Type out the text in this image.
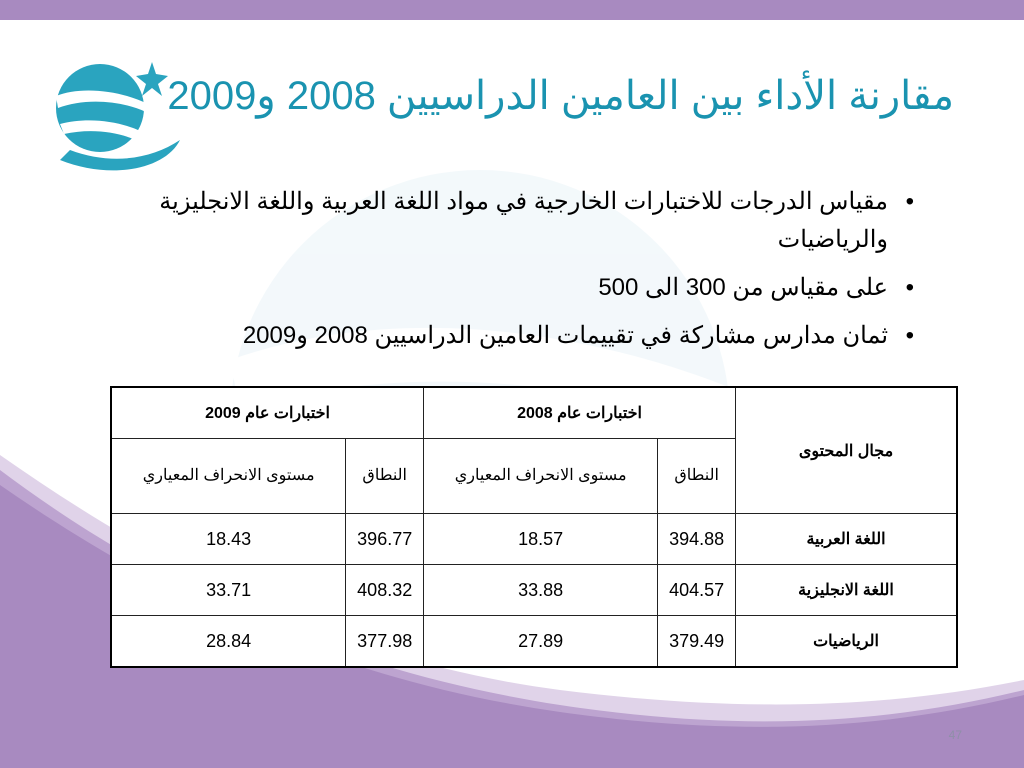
مقارنة الأداء بين العامين الدراسيين 2008 و2009
•
مقياس الدرجات للاختبارات الخارجية في مواد اللغة العربية واللغة الانجليزية والرياضيات
•
على مقياس من 300 الى 500
•
ثمان مدارس مشاركة في تقييمات العامين الدراسيين 2008 و2009
مجال المحتوى	اختبارات عام 2008		اختبارات عام 2009	
	النطاق	مستوى الانحراف المعياري	النطاق	مستوى الانحراف المعياري
اللغة العربية	394.88	18.57	396.77	18.43
اللغة الانجليزية	404.57	33.88	408.32	33.71
الرياضيات	379.49	27.89	377.98	28.84
47
